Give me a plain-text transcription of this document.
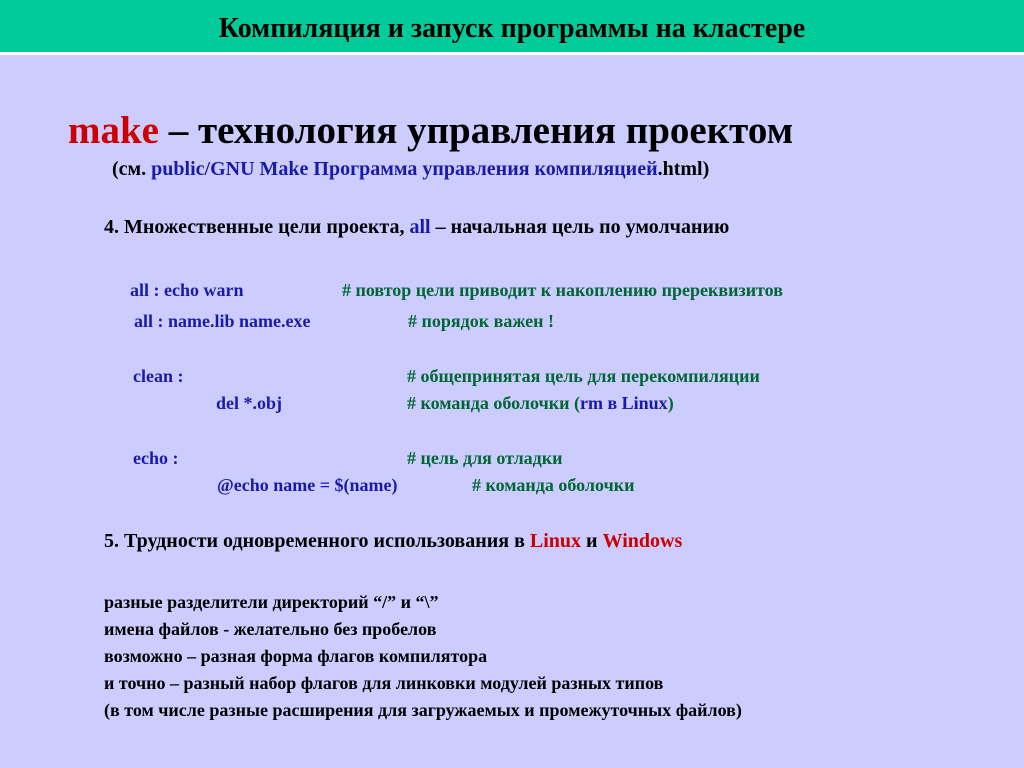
Компиляция и запуск программы на кластере
make – технология управления проектом
(см. public/GNU Make Программа управления компиляцией.html)
4. Множественные цели проекта, all – начальная цель по умолчанию
all : echo warn	# повтор цели приводит к накоплению пререквизитов
all : name.lib name.exe	# порядок важен !
clean :	# общепринятая цель для перекомпиляции
del *.obj	# команда оболочки (rm в Linux)
echo :	# цель для отладки
@echo name = $(name)	# команда оболочки
5. Трудности одновременного использования в Linux и Windows
разные разделители директорий “/” и “\”
имена файлов - желательно без пробелов
возможно – разная форма флагов компилятора
и точно – разный набор флагов для линковки модулей разных типов
(в том числе разные расширения для загружаемых и промежуточных файлов)
